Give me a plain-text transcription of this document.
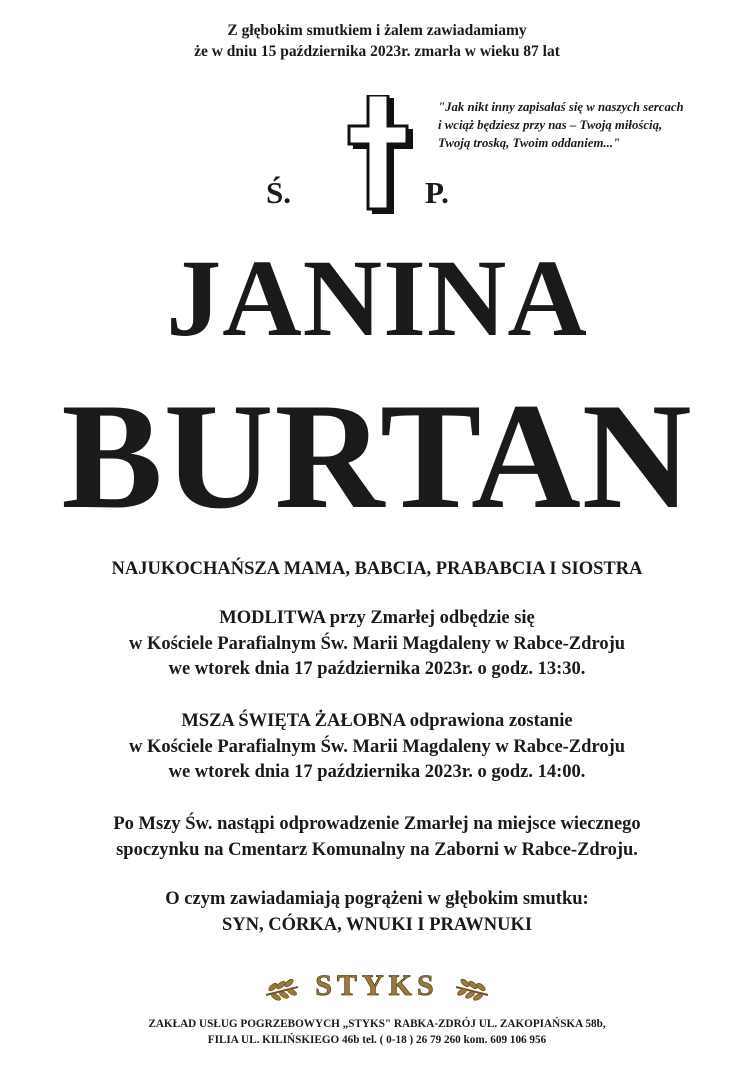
Z głębokim smutkiem i żalem zawiadamiamy
że w dniu 15 października 2023r. zmarła w wieku 87 lat
"Jak nikt inny zapisałaś się w naszych sercach
i wciąż będziesz przy nas – Twoją miłością,
Twoją troską, Twoim oddaniem..."
Ś.	P.
JANINA
BURTAN
NAJUKOCHAŃSZA MAMA, BABCIA, PRABABCIA I SIOSTRA
MODLITWA przy Zmarłej odbędzie się
w Kościele Parafialnym Św. Marii Magdaleny w Rabce-Zdroju
we wtorek dnia 17 października 2023r. o godz. 13:30.
MSZA ŚWIĘTA ŻAŁOBNA odprawiona zostanie
w Kościele Parafialnym Św. Marii Magdaleny w Rabce-Zdroju
we wtorek dnia 17 października 2023r. o godz. 14:00.
Po Mszy Św. nastąpi odprowadzenie Zmarłej na miejsce wiecznego
spoczynku na Cmentarz Komunalny na Zaborni w Rabce-Zdroju.
O czym zawiadamiają pogrążeni w głębokim smutku:
SYN, CÓRKA, WNUKI I PRAWNUKI
STYKS
ZAKŁAD USŁUG POGRZEBOWYCH „STYKS" RABKA-ZDRÓJ UL. ZAKOPIAŃSKA 58b,
FILIA UL. KILIŃSKIEGO 46b tel. ( 0-18 ) 26 79 260 kom. 609 106 956
